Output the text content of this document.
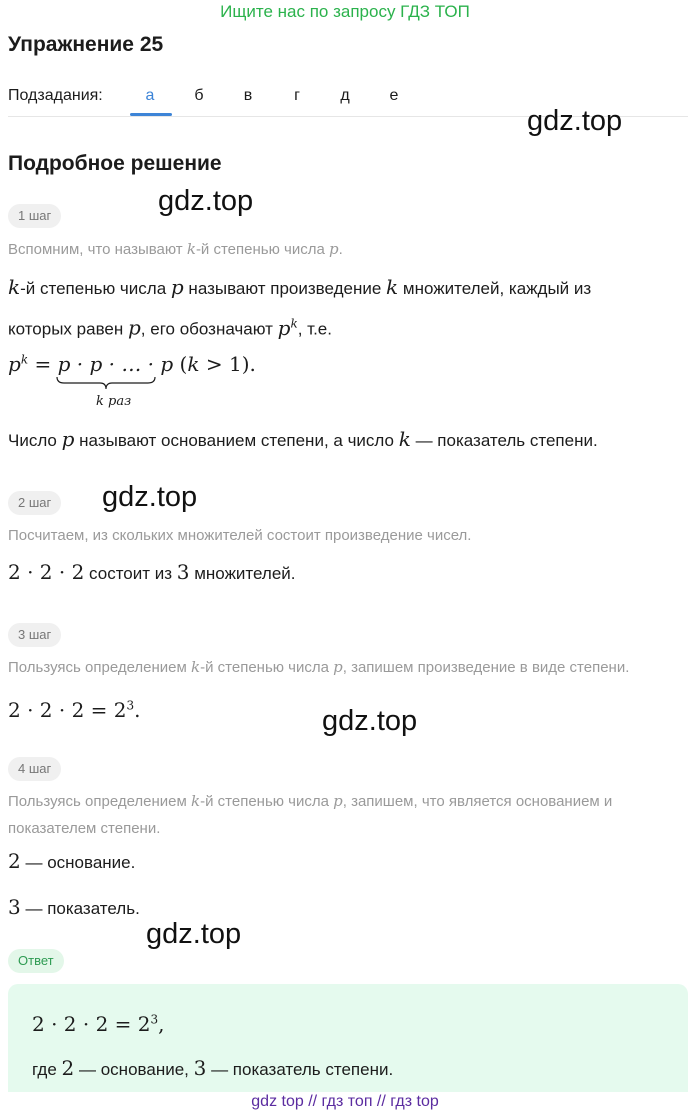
Ищите нас по запросу ГДЗ ТОП
Упражнение 25
Подзадания:	а	б	в	г	д	е
Подробное решение
gdz.top
gdz.top
gdz.top
gdz.top
gdz.top
1 шаг
Вспомним, что называют k-й степенью числа p.
k-й степенью числа p называют произведение k множителей, каждый из
которых равен p, его обозначают $p^k$, т.е.
$p^k = p \cdot p$ · … · p
(k > 1).
k раз
Число p называют основанием степени, а число k — показатель степени.
2 шаг
Посчитаем, из скольких множителей состоит произведение чисел.
2 · 2 · 2 состоит из 3 множителей.
3 шаг
Пользуясь определением k-й степенью числа p, запишем произведение в виде степени.
$2 \cdot 2 \cdot 2 = 2^3$.
4 шаг
Пользуясь определением k-й степенью числа p, запишем, что является основанием и
показателем степени.
2 — основание.
3 — показатель.
Ответ
$2 \cdot 2 \cdot 2 = 2^3$,
где 2 — основание, 3 — показатель степени.
gdz top // гдз топ // гдз top
